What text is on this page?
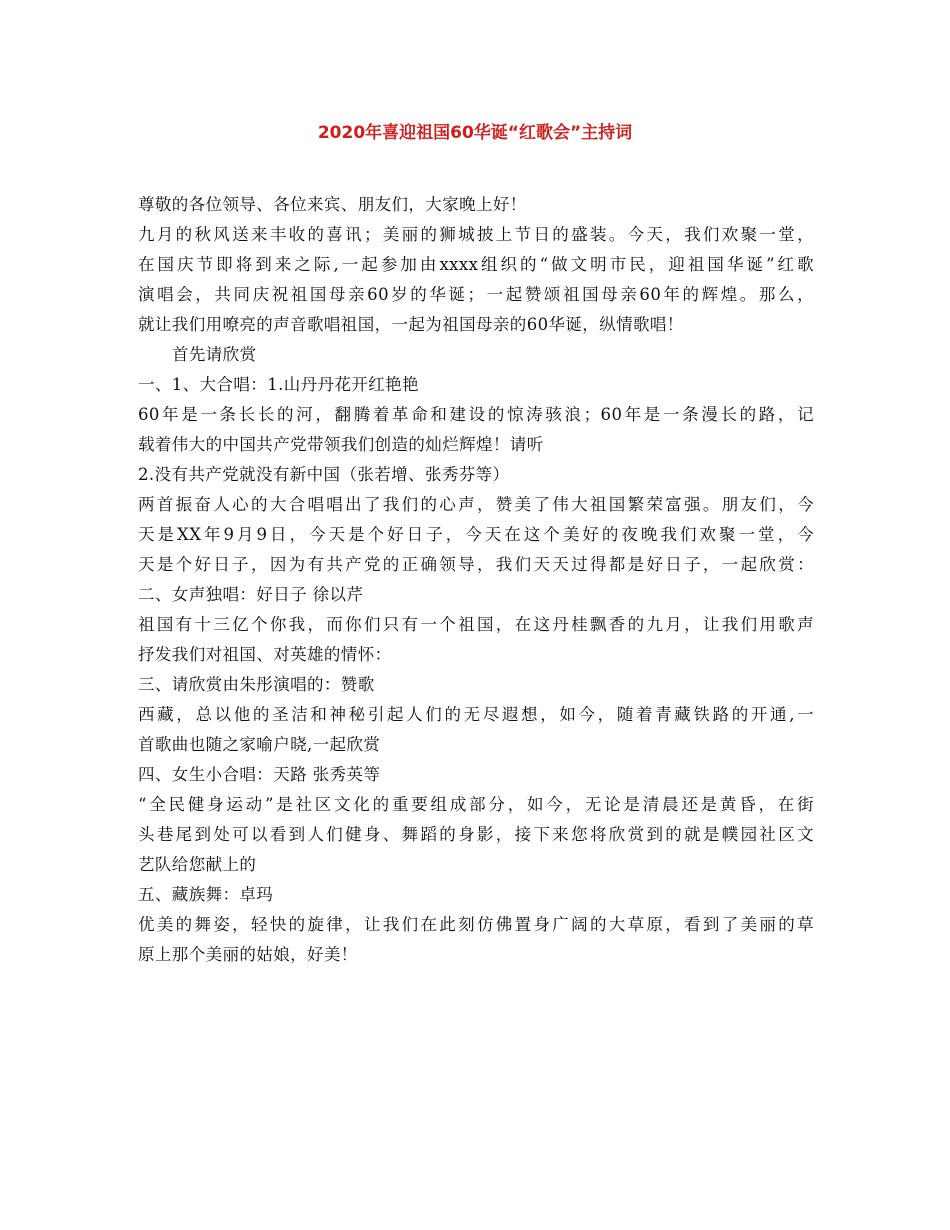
2020年喜迎祖国60华诞“红歌会”主持词
尊敬的各位领导、各位来宾、朋友们，大家晚上好！
九月的秋风送来丰收的喜讯；美丽的狮城披上节日的盛装。今天，我们欢聚一堂，
在国庆节即将到来之际,一起参加由xxxx组织的“做文明市民，迎祖国华诞”红歌
演唱会，共同庆祝祖国母亲60岁的华诞；一起赞颂祖国母亲60年的辉煌。那么，
就让我们用嘹亮的声音歌唱祖国，一起为祖国母亲的60华诞，纵情歌唱！
首先请欣赏
一、1、大合唱：1.山丹丹花开红艳艳
60年是一条长长的河，翻腾着革命和建设的惊涛骇浪；60年是一条漫长的路，记
载着伟大的中国共产党带领我们创造的灿烂辉煌！请听
2.没有共产党就没有新中国（张若增、张秀芬等）
两首振奋人心的大合唱唱出了我们的心声，赞美了伟大祖国繁荣富强。朋友们，今
天是XX年9月9日，今天是个好日子，今天在这个美好的夜晚我们欢聚一堂，今
天是个好日子，因为有共产党的正确领导，我们天天过得都是好日子，一起欣赏：
二、女声独唱：好日子 徐以芹
祖国有十三亿个你我，而你们只有一个祖国，在这丹桂飘香的九月，让我们用歌声
抒发我们对祖国、对英雄的情怀：
三、请欣赏由朱彤演唱的：赞歌
西藏，总以他的圣洁和神秘引起人们的无尽遐想，如今，随着青藏铁路的开通,一
首歌曲也随之家喻户晓,一起欣赏
四、女生小合唱：天路 张秀英等
“全民健身运动”是社区文化的重要组成部分，如今，无论是清晨还是黄昏，在街
头巷尾到处可以看到人们健身、舞蹈的身影，接下来您将欣赏到的就是幞园社区文
艺队给您献上的
五、藏族舞：卓玛
优美的舞姿，轻快的旋律，让我们在此刻仿佛置身广阔的大草原，看到了美丽的草
原上那个美丽的姑娘，好美！
